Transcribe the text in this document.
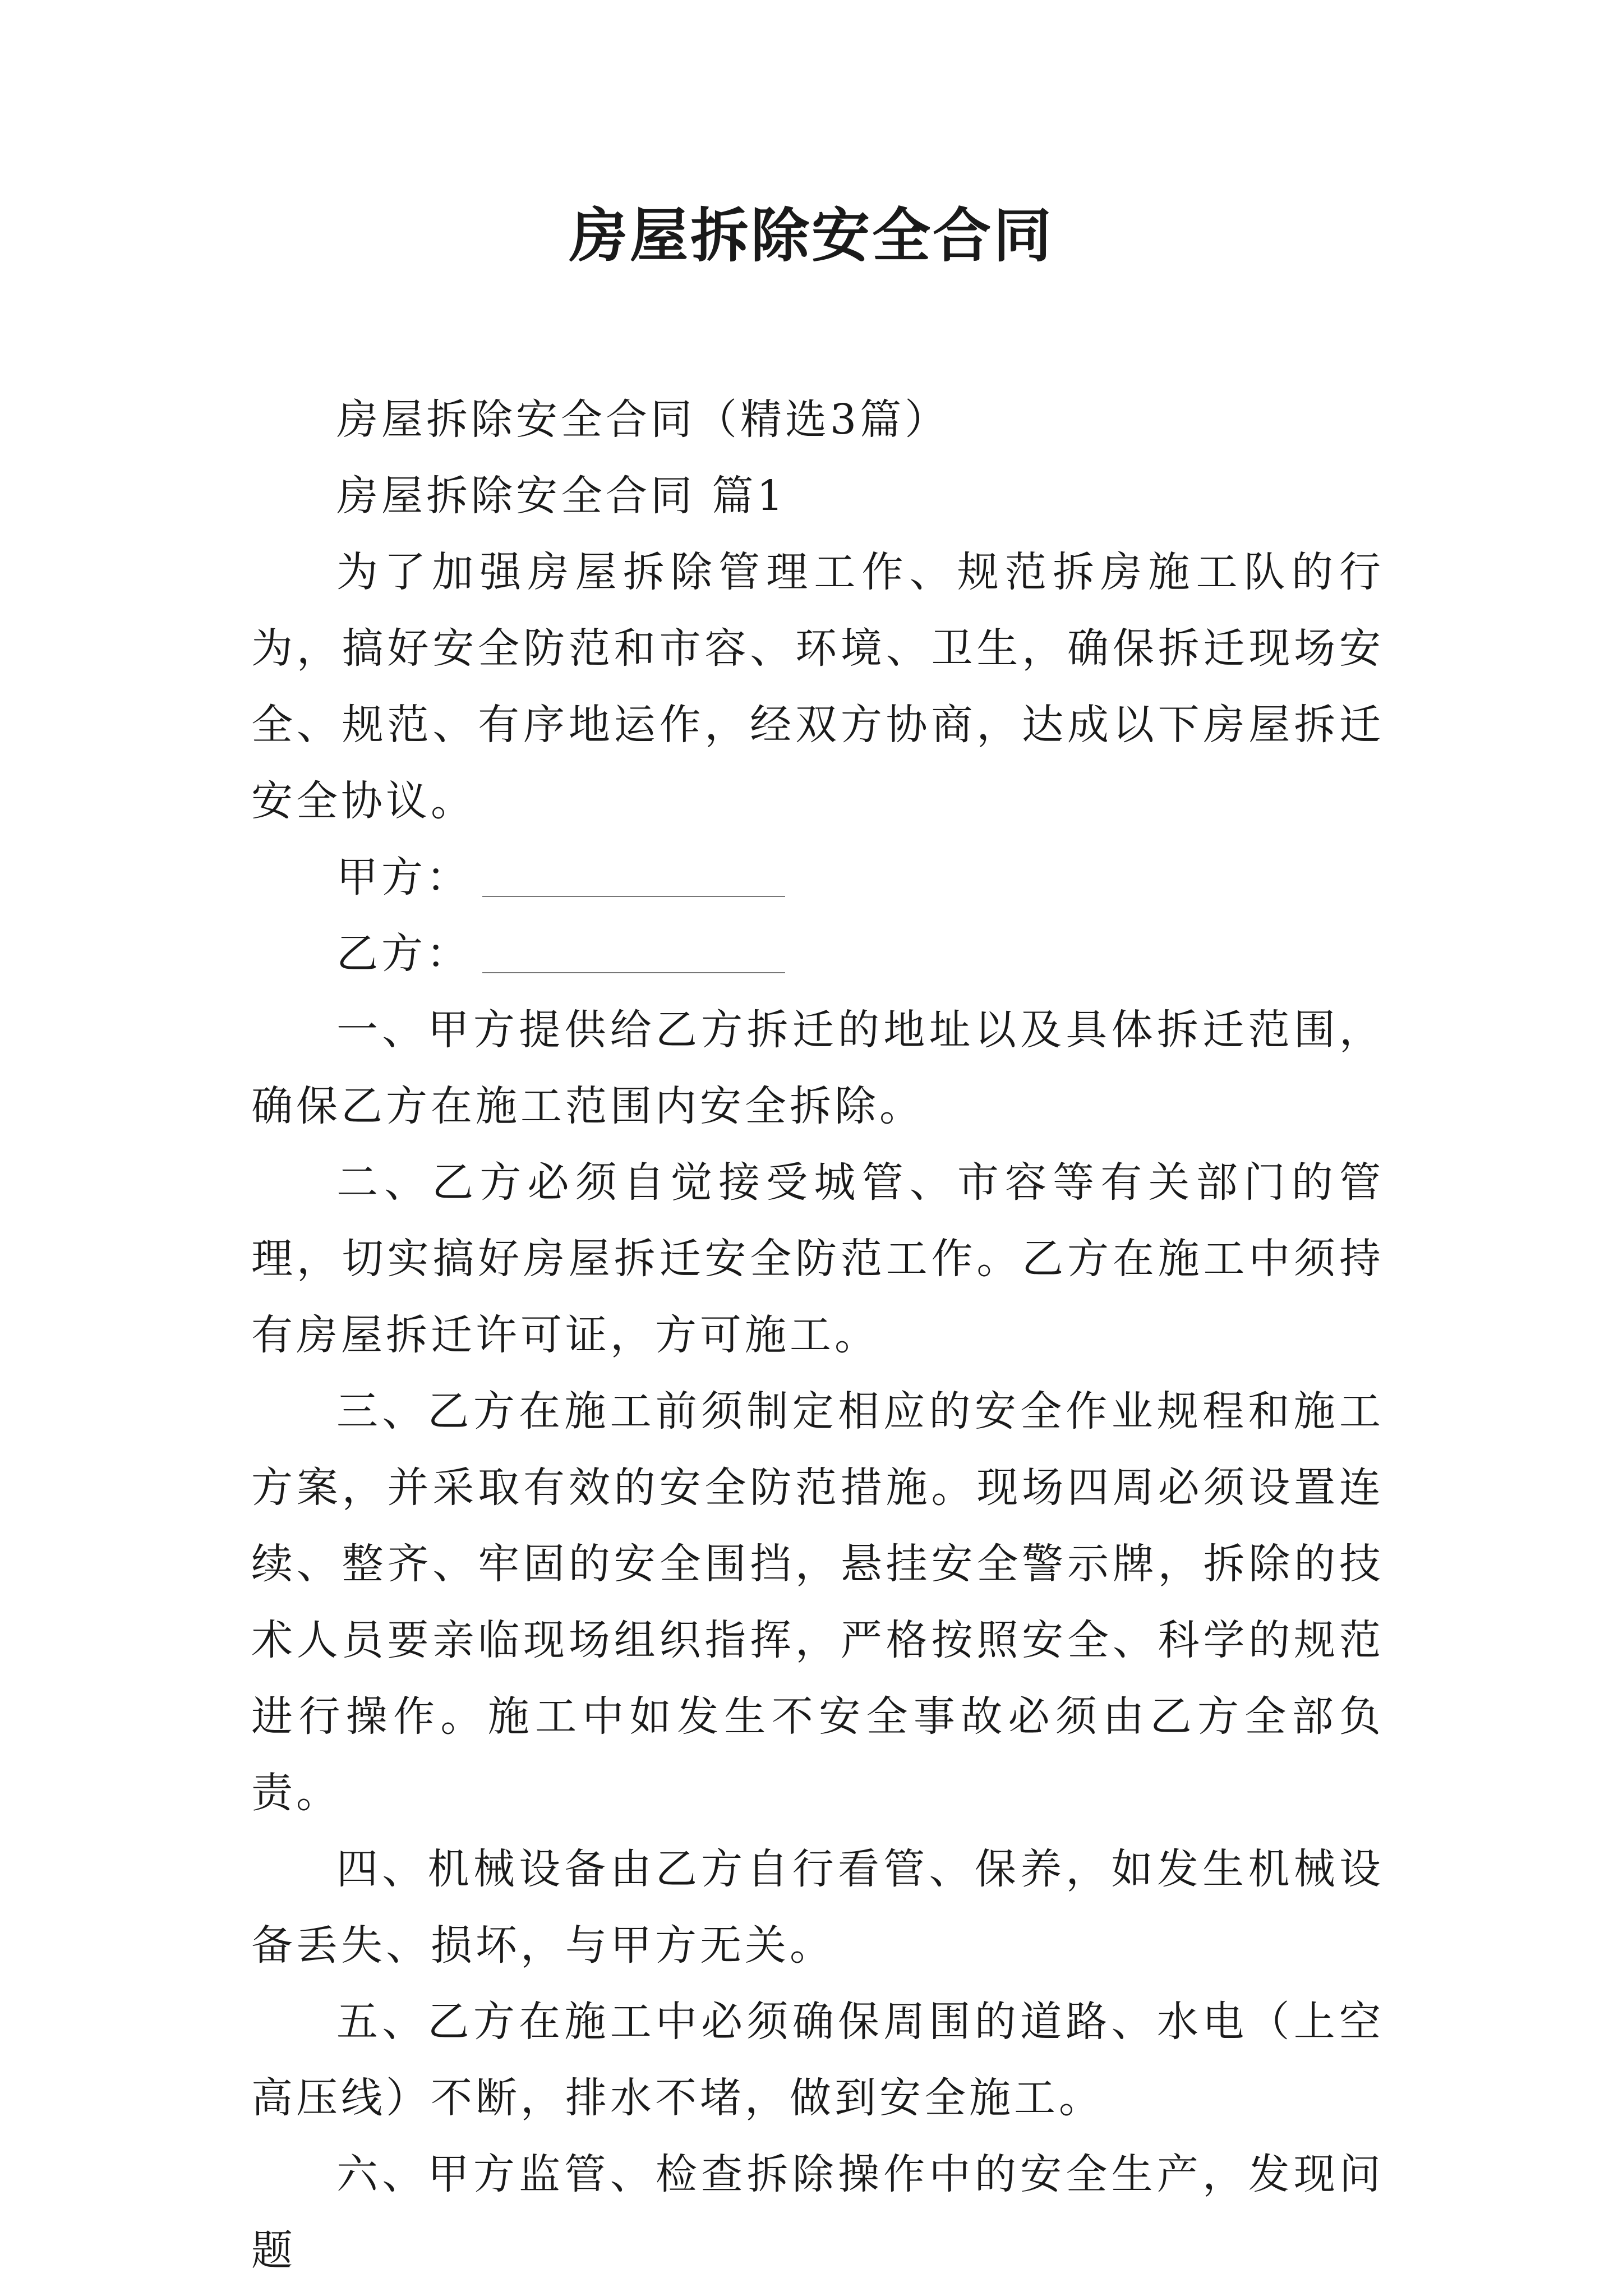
房屋拆除安全合同

房屋拆除安全合同（精选3篇）

房屋拆除安全合同 篇1

为了加强房屋拆除管理工作、规范拆房施工队的行为，搞好安全防范和市容、环境、卫生，确保拆迁现场安全、规范、有序地运作，经双方协商，达成以下房屋拆迁安全协议。

甲方：

乙方：

一、甲方提供给乙方拆迁的地址以及具体拆迁范围，确保乙方在施工范围内安全拆除。

二、乙方必须自觉接受城管、市容等有关部门的管理，切实搞好房屋拆迁安全防范工作。乙方在施工中须持有房屋拆迁许可证，方可施工。

三、乙方在施工前须制定相应的安全作业规程和施工方案，并采取有效的安全防范措施。现场四周必须设置连续、整齐、牢固的安全围挡，悬挂安全警示牌，拆除的技术人员要亲临现场组织指挥，严格按照安全、科学的规范进行操作。施工中如发生不安全事故必须由乙方全部负责。

四、机械设备由乙方自行看管、保养，如发生机械设备丢失、损坏，与甲方无关。

五、乙方在施工中必须确保周围的道路、水电（上空高压线）不断，排水不堵，做到安全施工。

六、甲方监管、检查拆除操作中的安全生产，发现问题
